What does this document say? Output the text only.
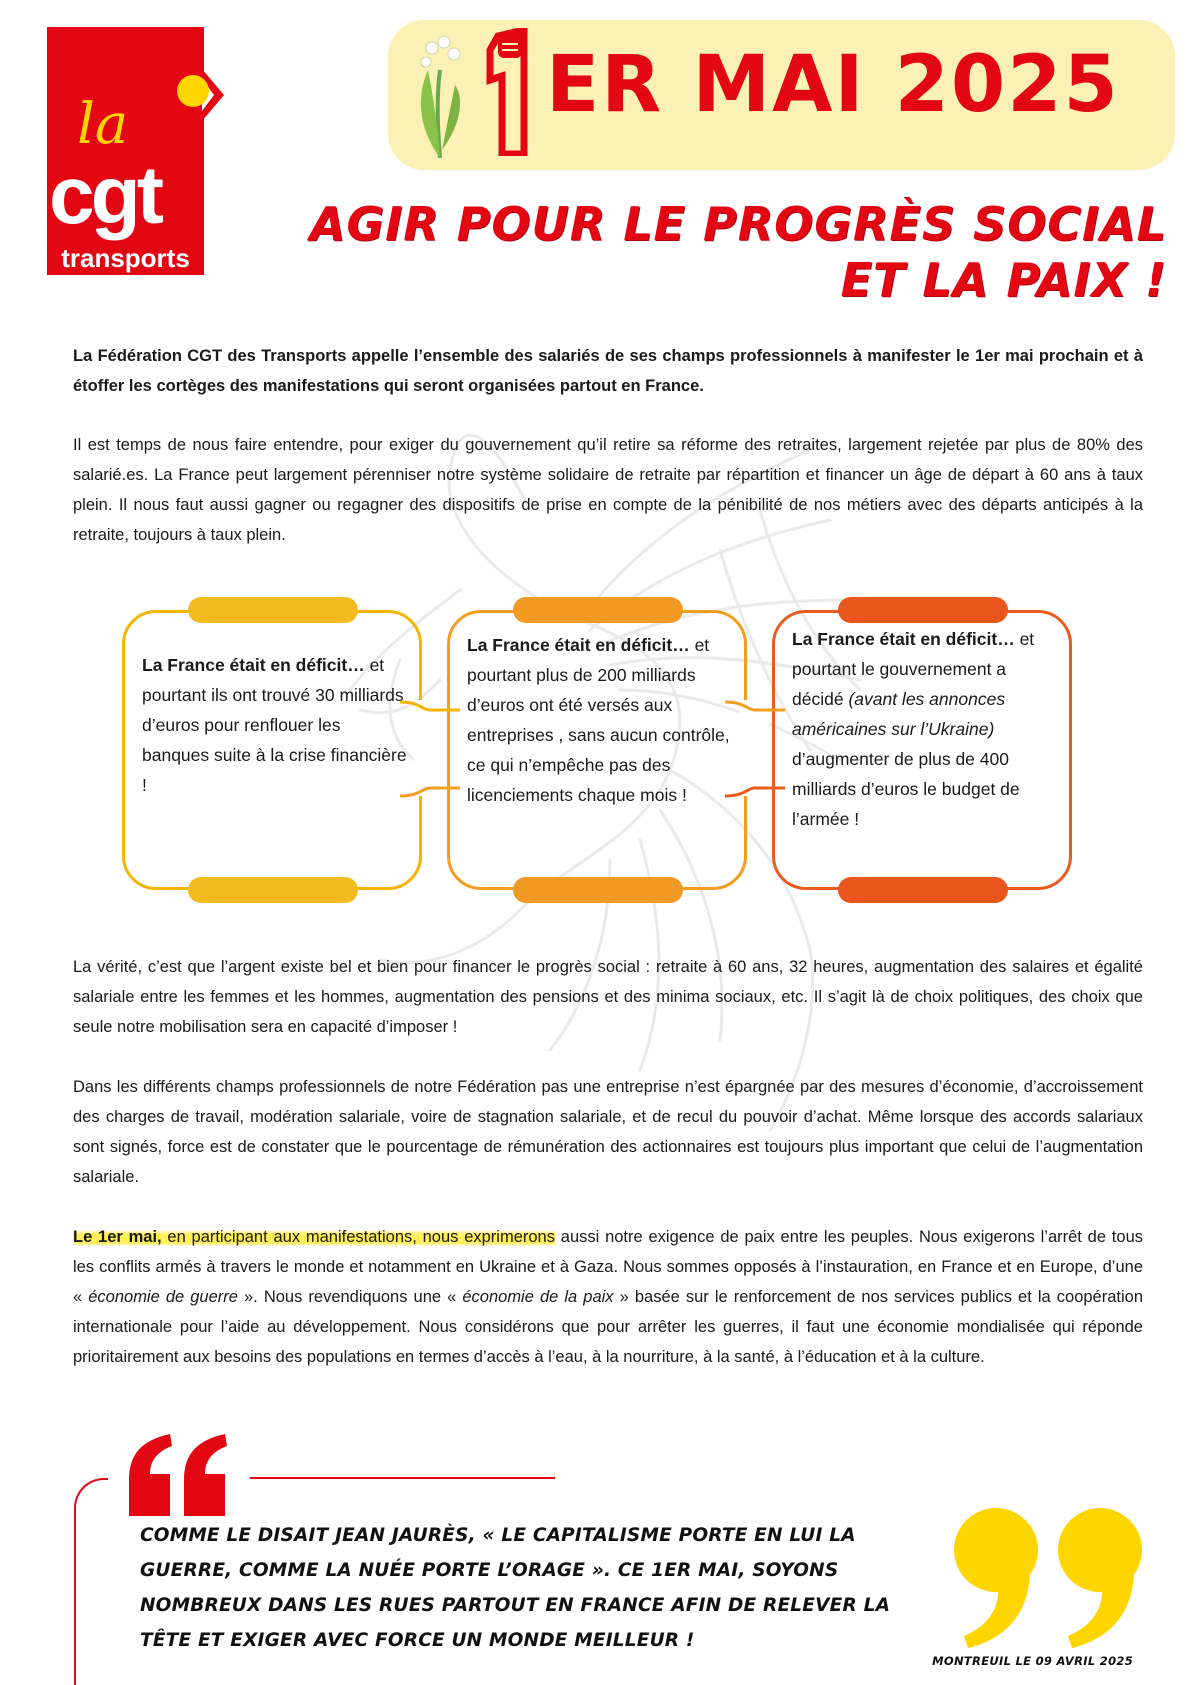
la
cgt
transports
ER MAI 2025
AGIR POUR LE PROGRÈS SOCIAL
ET LA PAIX !
La Fédération CGT des Transports appelle l’ensemble des salariés de ses champs professionnels à manifester le 1er mai prochain et à étoffer les cortèges des manifestations qui seront organisées partout en France.
Il est temps de nous faire entendre, pour exiger du gouvernement qu’il retire sa réforme des retraites, largement rejetée par plus de 80% des salarié.es. La France peut largement pérenniser notre système solidaire de retraite par répartition et financer un âge de départ à 60 ans à taux plein. Il nous faut aussi gagner ou regagner des dispositifs de prise en compte de la pénibilité de nos métiers avec des départs anticipés à la retraite, toujours à taux plein.
La France était en déficit… et pourtant ils ont trouvé 30 milliards d’euros pour renflouer les banques suite à la crise financière !
La France était en déficit… et pourtant plus de 200 milliards d’euros ont été versés aux entreprises , sans aucun contrôle, ce qui n’empêche pas des licenciements chaque mois !
La France était en déficit… et pourtant le gouvernement a décidé (avant les annonces américaines sur l’Ukraine) d’augmenter de plus de 400 milliards d’euros le budget de l’armée !
La vérité, c’est que l’argent existe bel et bien pour financer le progrès social : retraite à 60 ans, 32 heures, augmentation des salaires et égalité salariale entre les femmes et les hommes, augmentation des pensions et des minima sociaux, etc. Il s’agit là de choix politiques, des choix que seule notre mobilisation sera en capacité d’imposer !
Dans les différents champs professionnels de notre Fédération pas une entreprise n’est épargnée par des mesures d’économie, d’accroissement des charges de travail, modération salariale, voire de stagnation salariale, et de recul du pouvoir d’achat. Même lorsque des accords salariaux sont signés, force est de constater que le pourcentage de rémunération des actionnaires est toujours plus important que celui de l’augmentation salariale.
Le 1er mai, en participant aux manifestations, nous exprimerons aussi notre exigence de paix entre les peuples. Nous exigerons l’arrêt de tous les conflits armés à travers le monde et notamment en Ukraine et à Gaza. Nous sommes opposés à l’instauration, en France et en Europe, d’une « économie de guerre ». Nous revendiquons une « économie de la paix » basée sur le renforcement de nos services publics et la coopération internationale pour l’aide au développement. Nous considérons que pour arrêter les guerres, il faut une économie mondialisée qui réponde prioritairement aux besoins des populations en termes d’accès à l’eau, à la nourriture, à la santé, à l’éducation et à la culture.
COMME LE DISAIT JEAN JAURÈS, « LE CAPITALISME PORTE EN LUI LA GUERRE, COMME LA NUÉE PORTE L’ORAGE ». CE 1ER MAI, SOYONS NOMBREUX DANS LES RUES PARTOUT EN FRANCE AFIN DE RELEVER LA TÊTE ET EXIGER AVEC FORCE UN MONDE MEILLEUR !
MONTREUIL LE 09 AVRIL 2025
